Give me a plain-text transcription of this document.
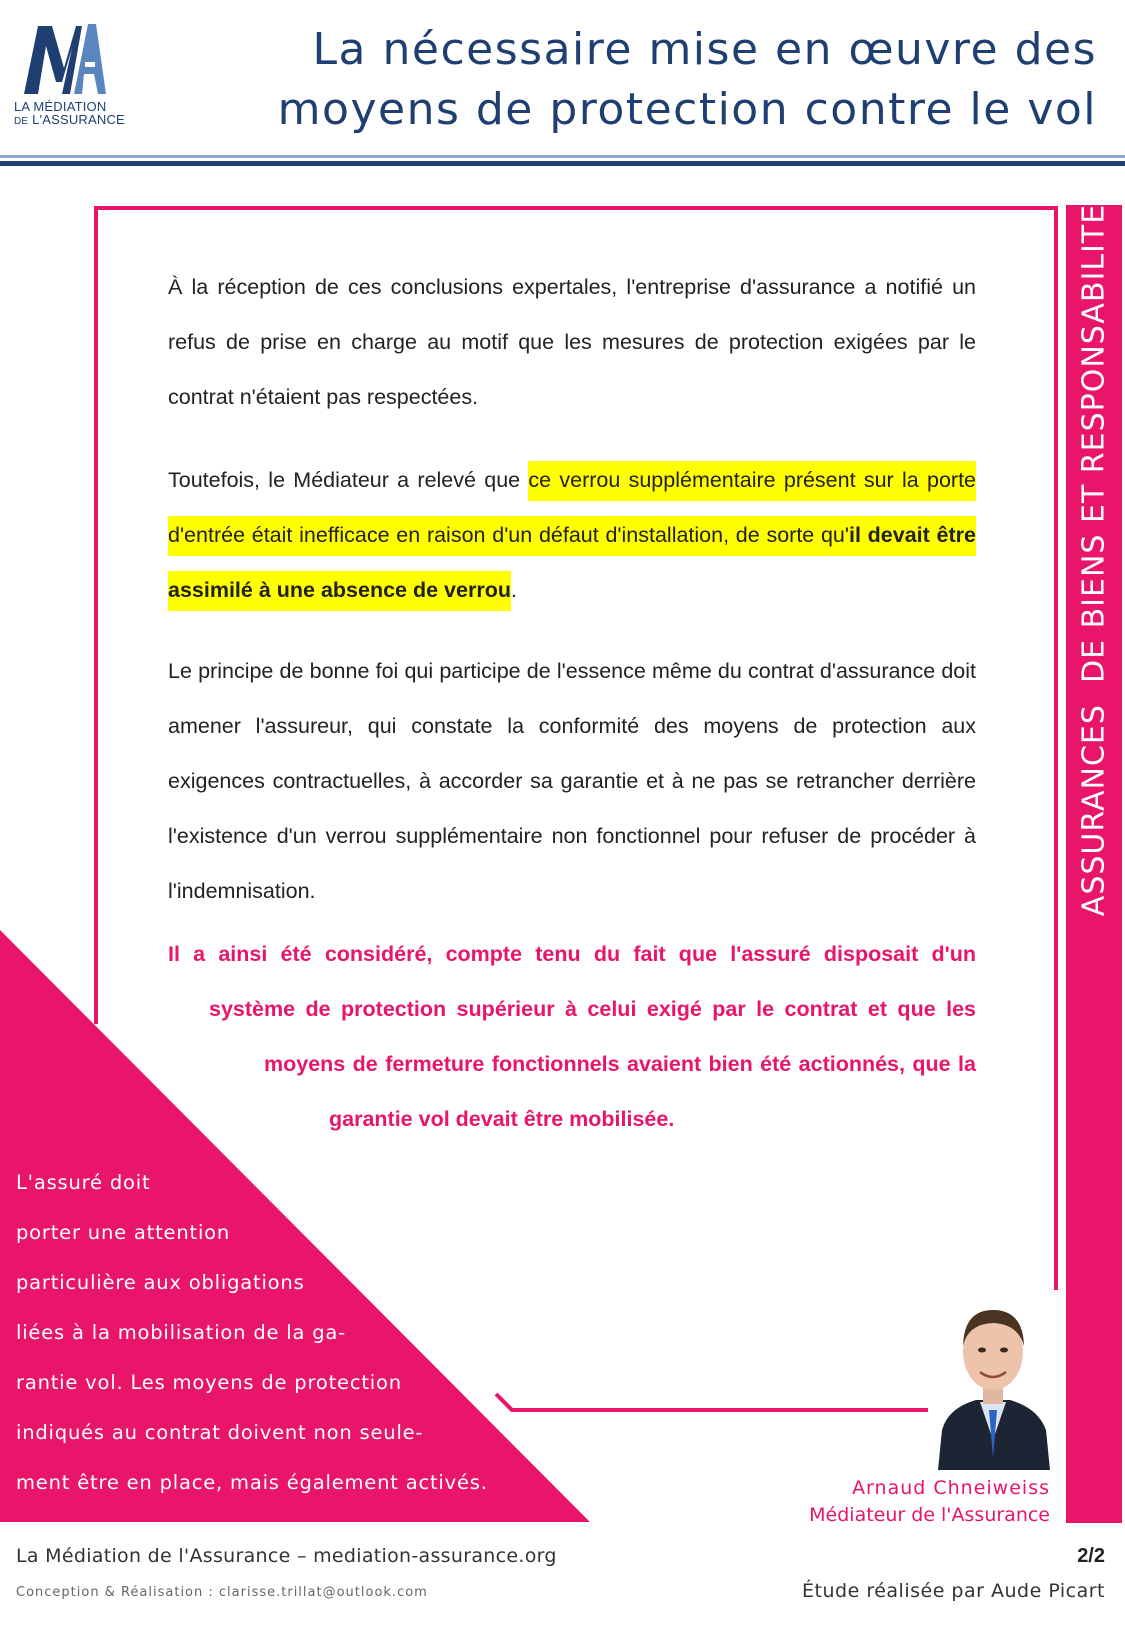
LA MÉDIATION
DE L'ASSURANCE
La nécessaire mise en œuvre des
moyens de protection contre le vol
ASSURANCES  DE BIENS ET RESPONSABILITE

À la réception de ces conclusions expertales, l'entreprise d'assurance a notifié un refus de prise en charge au motif que les mesures de protection exigées par le contrat n'étaient pas respectées.

Toutefois, le Médiateur a relevé que ce verrou supplémentaire présent sur la porte d'entrée était inefficace en raison d'un défaut d'installation, de sorte qu'il devait être assimilé à une absence de verrou.

Le principe de bonne foi qui participe de l'essence même du contrat d'assurance doit amener l'assureur, qui constate la conformité des moyens de protection aux exigences contractuelles, à accorder sa garantie et à ne pas se retrancher derrière l'existence d'un verrou supplémentaire non fonctionnel pour refuser de procéder à l'indemnisation.

Il a ainsi été considéré, compte tenu du fait que l'assuré disposait d'un
système de protection supérieur à celui exigé par le contrat et que les
moyens de fermeture fonctionnels avaient bien été actionnés, que la
garantie vol devait être mobilisée.
L'assuré doit
porter une attention
particulière aux obligations
liées à la mobilisation de la ga-
rantie vol. Les moyens de protection
indiqués au contrat doivent non seule-
ment être en place, mais également activés.	Arnaud Chneiweiss
Médiateur de l'Assurance
La Médiation de l'Assurance – mediation-assurance.org
Conception & Réalisation : clarisse.trillat@outlook.com
2/2
Étude réalisée par Aude Picart
